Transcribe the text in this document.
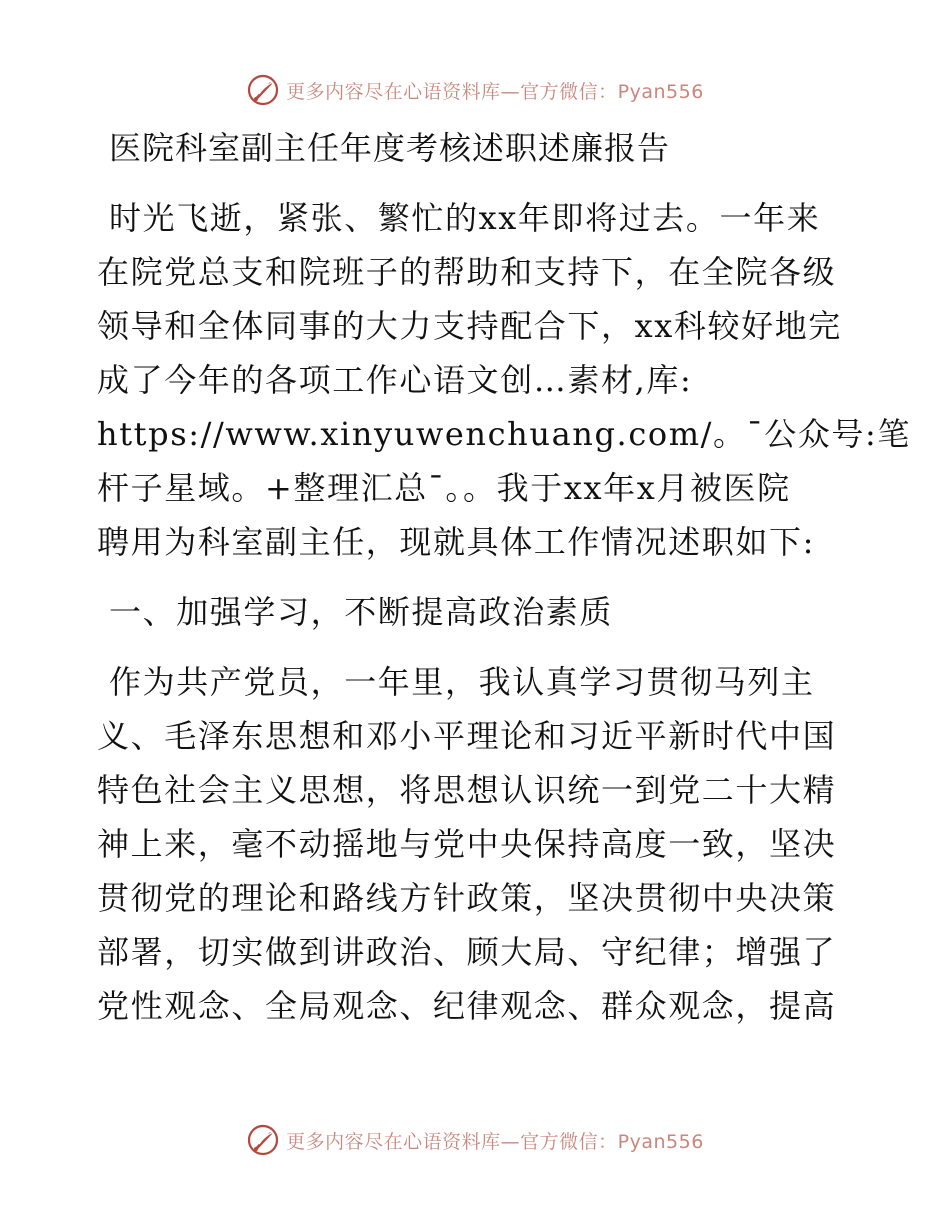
更多内容尽在心语资料库—官方微信：Pyan556
医院科室副主任年度考核述职述廉报告

时光飞逝，紧张、繁忙的xx年即将过去。一年来
在院党总支和院班子的帮助和支持下，在全院各级
领导和全体同事的大力支持配合下，xx科较好地完
成了今年的各项工作心语文创…素材,库:
https://www.xinyuwenchuang.com/。¯公众号:笔
杆子星域。+整理汇总¯。。我于xx年x月被医院
聘用为科室副主任，现就具体工作情况述职如下:

一、加强学习，不断提高政治素质

作为共产党员，一年里，我认真学习贯彻马列主
义、毛泽东思想和邓小平理论和习近平新时代中国
特色社会主义思想，将思想认识统一到党二十大精
神上来，毫不动摇地与党中央保持高度一致，坚决
贯彻党的理论和路线方针政策，坚决贯彻中央决策
部署，切实做到讲政治、顾大局、守纪律；增强了
党性观念、全局观念、纪律观念、群众观念，提高

更多内容尽在心语资料库—官方微信：Pyan556
